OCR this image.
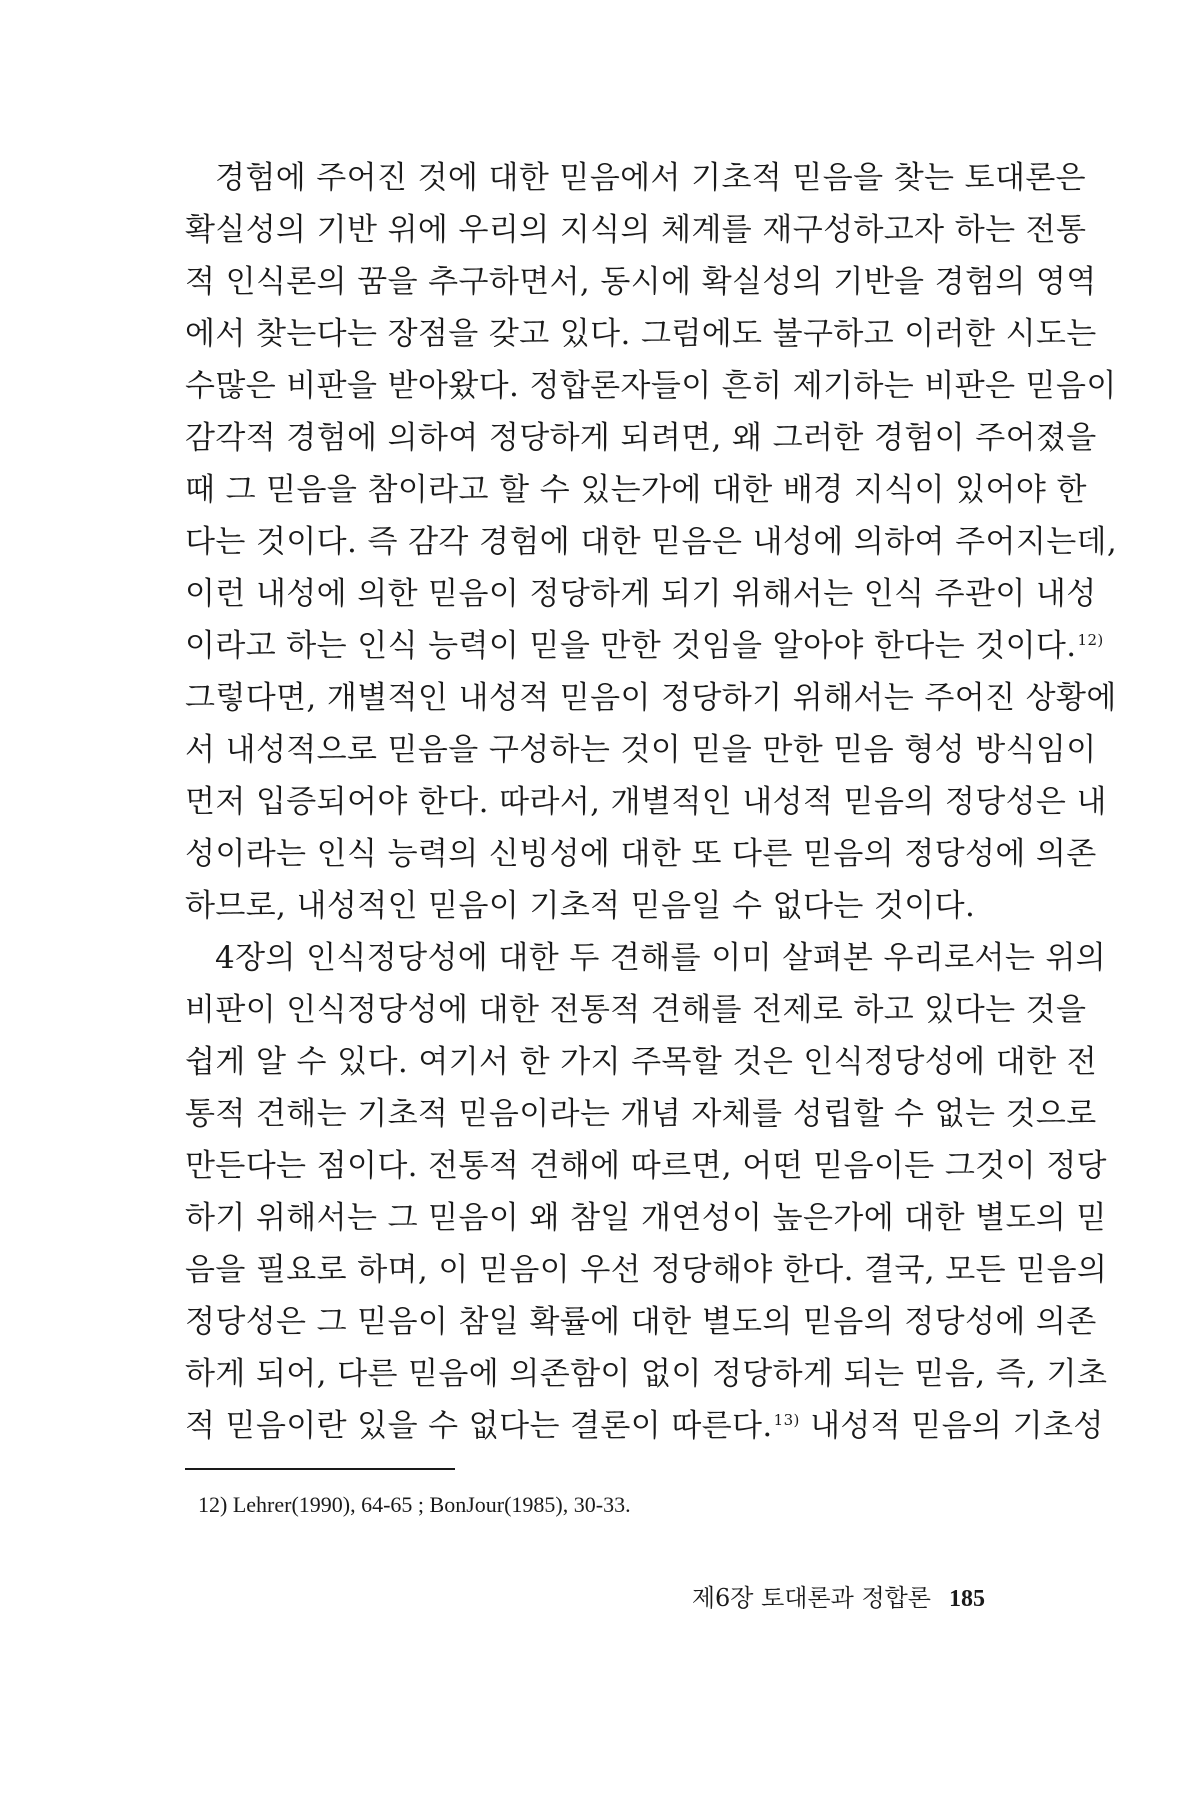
경험에 주어진 것에 대한 믿음에서 기초적 믿음을 찾는 토대론은
확실성의 기반 위에 우리의 지식의 체계를 재구성하고자 하는 전통
적 인식론의 꿈을 추구하면서, 동시에 확실성의 기반을 경험의 영역
에서 찾는다는 장점을 갖고 있다. 그럼에도 불구하고 이러한 시도는
수많은 비판을 받아왔다. 정합론자들이 흔히 제기하는 비판은 믿음이
감각적 경험에 의하여 정당하게 되려면, 왜 그러한 경험이 주어졌을
때 그 믿음을 참이라고 할 수 있는가에 대한 배경 지식이 있어야 한
다는 것이다. 즉 감각 경험에 대한 믿음은 내성에 의하여 주어지는데,
이런 내성에 의한 믿음이 정당하게 되기 위해서는 인식 주관이 내성
이라고 하는 인식 능력이 믿을 만한 것임을 알아야 한다는 것이다.$^{12)}$
그렇다면, 개별적인 내성적 믿음이 정당하기 위해서는 주어진 상황에
서 내성적으로 믿음을 구성하는 것이 믿을 만한 믿음 형성 방식임이
먼저 입증되어야 한다. 따라서, 개별적인 내성적 믿음의 정당성은 내
성이라는 인식 능력의 신빙성에 대한 또 다른 믿음의 정당성에 의존
하므로, 내성적인 믿음이 기초적 믿음일 수 없다는 것이다.
4장의 인식정당성에 대한 두 견해를 이미 살펴본 우리로서는 위의
비판이 인식정당성에 대한 전통적 견해를 전제로 하고 있다는 것을
쉽게 알 수 있다. 여기서 한 가지 주목할 것은 인식정당성에 대한 전
통적 견해는 기초적 믿음이라는 개념 자체를 성립할 수 없는 것으로
만든다는 점이다. 전통적 견해에 따르면, 어떤 믿음이든 그것이 정당
하기 위해서는 그 믿음이 왜 참일 개연성이 높은가에 대한 별도의 믿
음을 필요로 하며, 이 믿음이 우선 정당해야 한다. 결국, 모든 믿음의
정당성은 그 믿음이 참일 확률에 대한 별도의 믿음의 정당성에 의존
하게 되어, 다른 믿음에 의존함이 없이 정당하게 되는 믿음, 즉, 기초
적 믿음이란 있을 수 없다는 결론이 따른다.$^{13)}$ 내성적 믿음의 기초성
12) Lehrer(1990), 64-65 ; BonJour(1985), 30-33.
제6장 토대론과 정합론 185
